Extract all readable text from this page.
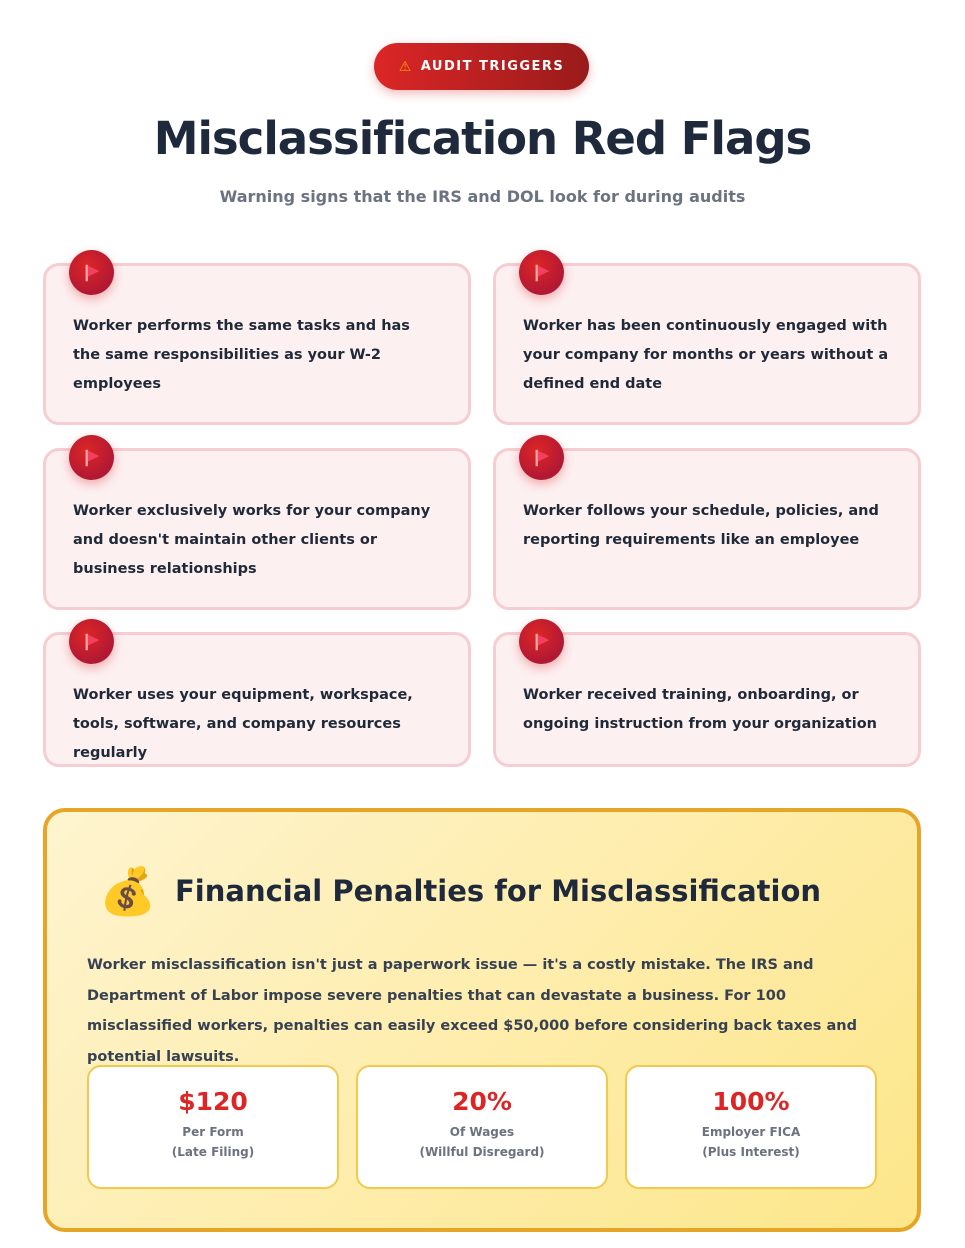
⚠ AUDIT TRIGGERS
Misclassification Red Flags
Warning signs that the IRS and DOL look for during audits
Worker performs the same tasks and has the same responsibilities as your W-2 employees
Worker has been continuously engaged with your company for months or years without a defined end date
Worker exclusively works for your company and doesn't maintain other clients or business relationships
Worker follows your schedule, policies, and reporting requirements like an employee
Worker uses your equipment, workspace, tools, software, and company resources regularly
Worker received training, onboarding, or ongoing instruction from your organization
💰 Financial Penalties for Misclassification

Worker misclassification isn't just a paperwork issue — it's a costly mistake. The IRS and Department of Labor impose severe penalties that can devastate a business. For 100 misclassified workers, penalties can easily exceed $50,000 before considering back taxes and potential lawsuits.

$120
Per Form
(Late Filing)
20%
Of Wages
(Willful Disregard)
100%
Employer FICA
(Plus Interest)
